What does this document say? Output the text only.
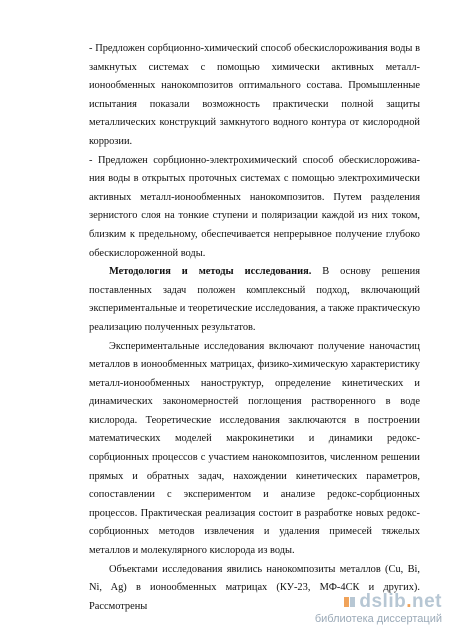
- Предложен сорбционно-химический способ обескислороживания воды в замкнутых системах с помощью химически активных металл-ионообменных нанокомпозитов оптимального состава. Промышленные испытания показали возможность практически полной защиты металлических конструкций замкнутого водного контура от кислородной коррозии.

- Предложен сорбционно-электрохимический способ обескислорожива-ния воды в открытых проточных системах с помощью электрохимически активных металл-ионообменных нанокомпозитов. Путем разделения зернистого слоя на тонкие ступени и поляризации каждой из них током, близким к предельному, обеспечивается непрерывное получение глубоко обескислороженной воды.

Методология и методы исследования. В основу решения поставленных задач положен комплексный подход, включающий экспериментальные и теоретические исследования, а также практическую реализацию полученных результатов.

Экспериментальные исследования включают получение наночастиц металлов в ионообменных матрицах, физико-химическую характеристику металл-ионообменных наноструктур, определение кинетических и динамических закономерностей поглощения растворенного в воде кислорода. Теоретические исследования заключаются в построении математических моделей макрокинетики и динамики редокс-сорбционных процессов с участием нанокомпозитов, численном решении прямых и обратных задач, нахождении кинетических параметров, сопоставлении с экспериментом и анализе редокс-сорбционных процессов. Практическая реализация состоит в разработке новых редокс-сорбционных методов извлечения и удаления примесей тяжелых металлов и молекулярного кислорода из воды.

Объектами исследования явились нанокомпозиты металлов (Cu, Bi, Ni, Ag) в ионообменных матрицах (КУ-23, МФ-4СК и других). Рассмотрены	dslib.net
библиотека диссертаций
